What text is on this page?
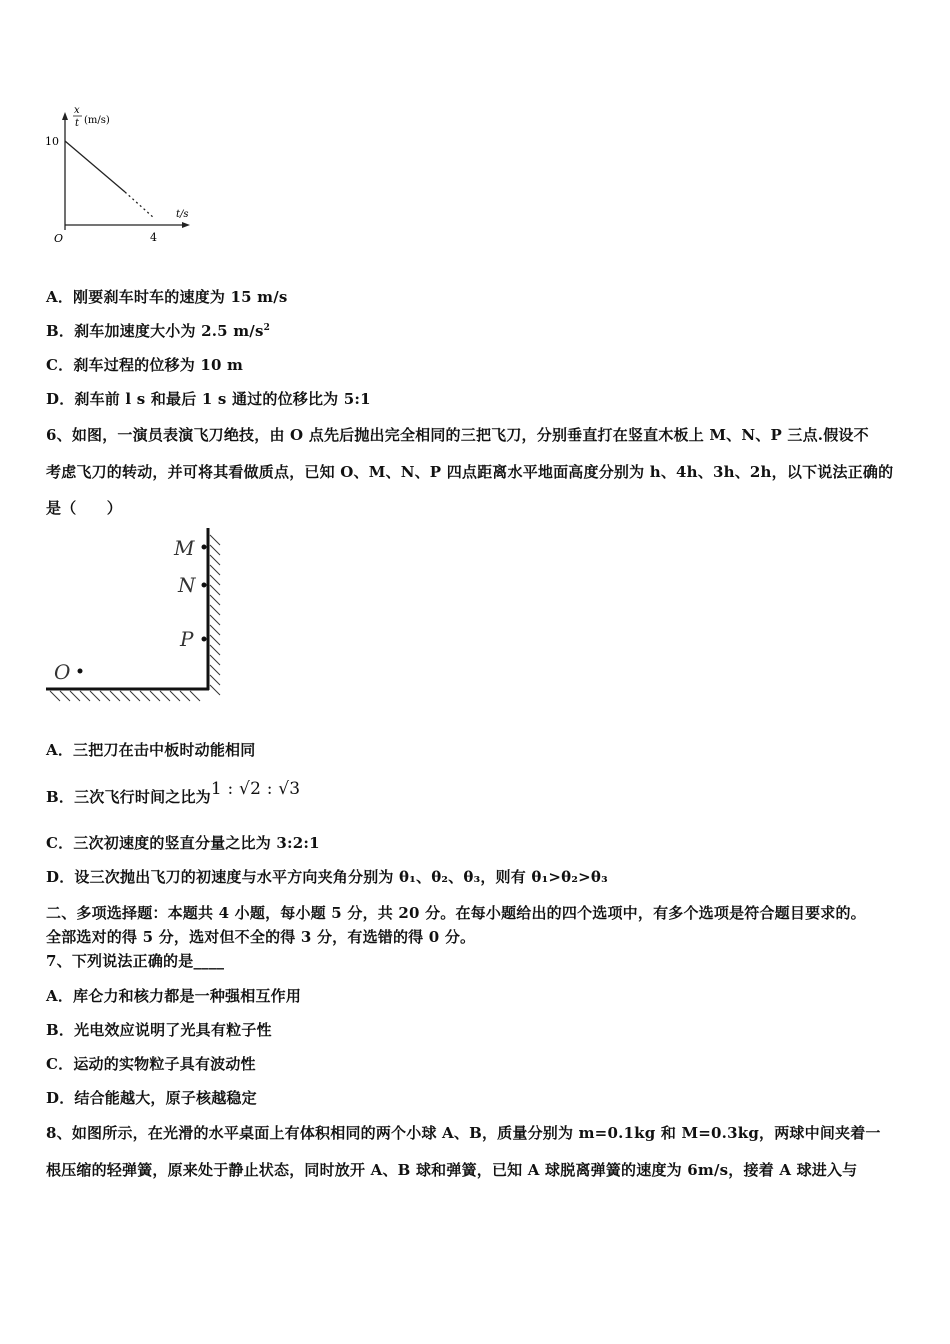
x
t (m/s)
10
t/s
O	4
A．刚要刹车时车的速度为 15 m/s
B．刹车加速度大小为 2.5 $m/s^2$
C．刹车过程的位移为 10 m
D．刹车前 l s 和最后 1 s 通过的位移比为 5:1
6、如图，一演员表演飞刀绝技，由 O 点先后抛出完全相同的三把飞刀，分别垂直打在竖直木板上 M、N、P 三点.假设不
考虑飞刀的转动，并可将其看做质点，已知 O、M、N、P 四点距离水平地面高度分别为 h、4h、3h、2h，以下说法正确的
是（　　）
M
N
P
O
A．三把刀在击中板时动能相同
B．三次飞行时间之比为1 : √2 : √3
C．三次初速度的竖直分量之比为 3:2:1
D．设三次抛出飞刀的初速度与水平方向夹角分别为 θ₁、θ₂、θ₃，则有 θ₁>θ₂>θ₃
二、多项选择题：本题共 4 小题，每小题 5 分，共 20 分。在每小题给出的四个选项中，有多个选项是符合题目要求的。
全部选对的得 5 分，选对但不全的得 3 分，有选错的得 0 分。
7、下列说法正确的是____
A．库仑力和核力都是一种强相互作用
B．光电效应说明了光具有粒子性
C．运动的实物粒子具有波动性
D．结合能越大，原子核越稳定
8、如图所示，在光滑的水平桌面上有体积相同的两个小球 A、B，质量分别为 m=0.1kg 和 M=0.3kg，两球中间夹着一
根压缩的轻弹簧，原来处于静止状态，同时放开 A、B 球和弹簧，已知 A 球脱离弹簧的速度为 6m/s，接着 A 球进入与
